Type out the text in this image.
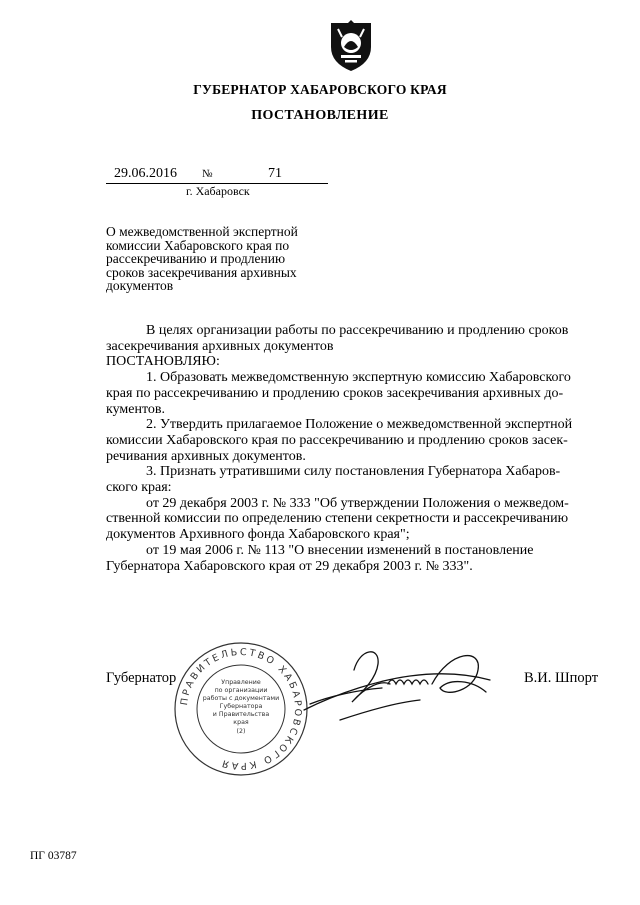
ГУБЕРНАТОР ХАБАРОВСКОГО КРАЯ
ПОСТАНОВЛЕНИЕ
29.06.2016 №	71
г. Хабаровск
О межведомственной экспертной
комиссии Хабаровского края по
рассекречиванию и продлению
сроков засекречивания архивных
документов

В целях организации работы по рассекречиванию и продлению сроков

засекречивания архивных документов

ПОСТАНОВЛЯЮ:

1. Образовать межведомственную экспертную комиссию Хабаровского

края по рассекречиванию и продлению сроков засекречивания архивных до-

кументов.

2. Утвердить прилагаемое Положение о межведомственной экспертной

комиссии Хабаровского края по рассекречиванию и продлению сроков засек-

речивания архивных документов.

3. Признать утратившими силу постановления Губернатора Хабаров-

ского края:

от 29 декабря 2003 г. № 333 "Об утверждении Положения о межведом-

ственной комиссии по определению степени секретности и рассекречиванию

документов Архивного фонда Хабаровского края";

от 19 мая 2006 г. № 113 "О внесении изменений в постановление

Губернатора Хабаровского края от 29 декабря 2003 г. № 333".

Губернатор	В.И. Шпорт
ПРАВИТЕЛЬСТВО ХАБАРОВСКОГО КРАЯ
Управление
по организации
работы с документами
Губернатора
и Правительства
края
(2)
ПГ 03787
